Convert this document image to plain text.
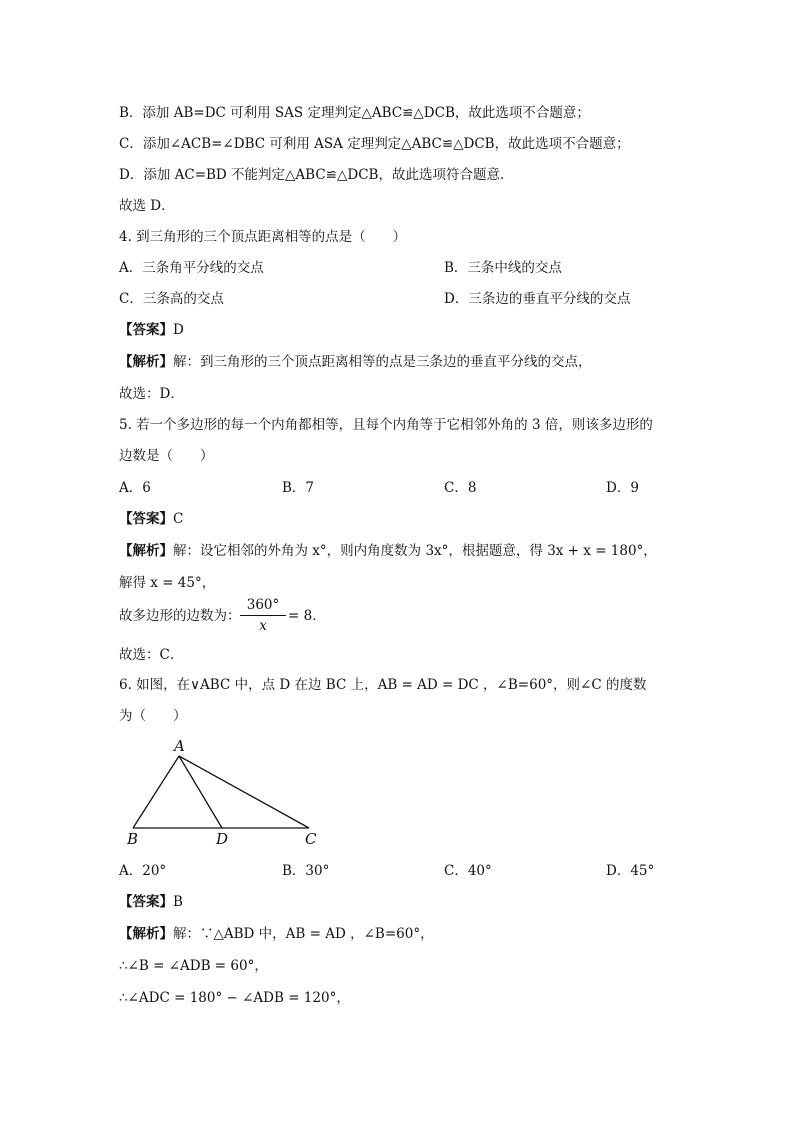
B．添加 AB=DC 可利用 SAS 定理判定△ABC≌△DCB，故此选项不合题意；
C．添加∠ACB=∠DBC 可利用 ASA 定理判定△ABC≌△DCB，故此选项不合题意；
D．添加 AC=BD 不能判定△ABC≌△DCB，故此选项符合题意．
故选 D．
4. 到三角形的三个顶点距离相等的点是（　　）
A．三条角平分线的交点	B．三条中线的交点
C．三条高的交点	D．三条边的垂直平分线的交点
【答案】D
【解析】解：到三角形的三个顶点距离相等的点是三条边的垂直平分线的交点，
故选：D．
5. 若一个多边形的每一个内角都相等，且每个内角等于它相邻外角的 3 倍，则该多边形的
边数是（　　）
A．6	B．7	C．8	D．9
【答案】C
【解析】解：设它相邻的外角为 x°，则内角度数为 3x°，根据题意，得 3x + x = 180°，
解得 x = 45°，
故多边形的边数为： $\frac{360^\circ}{x} = 8$．
故选：C．
6. 如图，在∨ABC 中，点 D 在边 BC 上，AB = AD = DC ，∠B=60°，则∠C 的度数
为（　　）
A
B	D	C
A．20°	B．30°	C．40°	D．45°
【答案】B
【解析】解：∵△ABD 中，AB = AD ，∠B=60°，
∴∠B = ∠ADB = 60°，
∴∠ADC = 180° − ∠ADB = 120°，
